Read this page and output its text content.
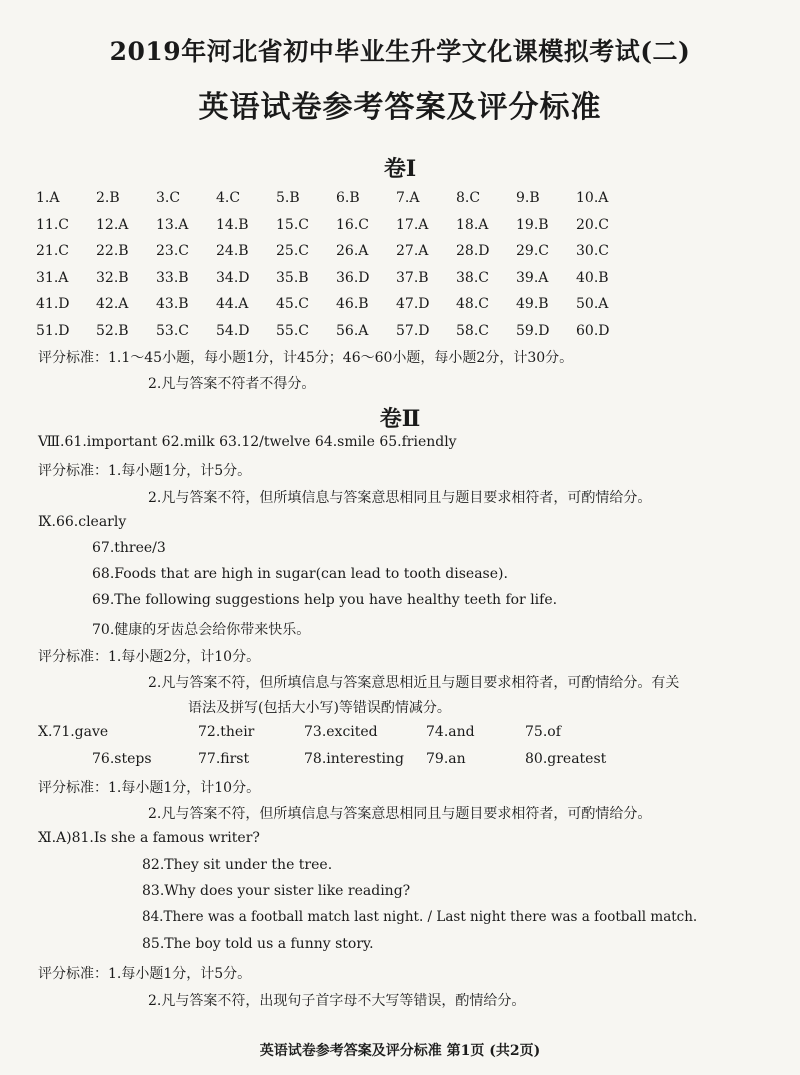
2019年河北省初中毕业生升学文化课模拟考试(二)
英语试卷参考答案及评分标准
卷Ⅰ
1.A	2.B	3.C	4.C	5.B	6.B	7.A	8.C	9.B	10.A
11.C	12.A	13.A	14.B	15.C	16.C	17.A	18.A	19.B	20.C
21.C	22.B	23.C	24.B	25.C	26.A	27.A	28.D	29.C	30.C
31.A	32.B	33.B	34.D	35.B	36.D	37.B	38.C	39.A	40.B
41.D	42.A	43.B	44.A	45.C	46.B	47.D	48.C	49.B	50.A
51.D	52.B	53.C	54.D	55.C	56.A	57.D	58.C	59.D	60.D
评分标准：1.1～45小题，每小题1分，计45分；46～60小题，每小题2分，计30分。
2.凡与答案不符者不得分。
卷Ⅱ
Ⅷ.61.important 62.milk 63.12/twelve 64.smile 65.friendly
评分标准：1.每小题1分，计5分。
2.凡与答案不符，但所填信息与答案意思相同且与题目要求相符者，可酌情给分。
Ⅸ.66.clearly
67.three/3
68.Foods that are high in sugar(can lead to tooth disease).
69.The following suggestions help you have healthy teeth for life.
70.健康的牙齿总会给你带来快乐。
评分标准：1.每小题2分，计10分。
2.凡与答案不符，但所填信息与答案意思相近且与题目要求相符者，可酌情给分。有关
语法及拼写(包括大小写)等错误酌情减分。
Ⅹ.71.gave	72.their	73.excited	74.and	75.of
76.steps	77.first	78.interesting 79.an	80.greatest
评分标准：1.每小题1分，计10分。
2.凡与答案不符，但所填信息与答案意思相同且与题目要求相符者，可酌情给分。
Ⅺ.A)81.Is she a famous writer?
82.They sit under the tree.
83.Why does your sister like reading?
84.There was a football match last night. / Last night there was a football match.
85.The boy told us a funny story.
评分标准：1.每小题1分，计5分。
2.凡与答案不符，出现句子首字母不大写等错误，酌情给分。
英语试卷参考答案及评分标准 第1页 (共2页)
